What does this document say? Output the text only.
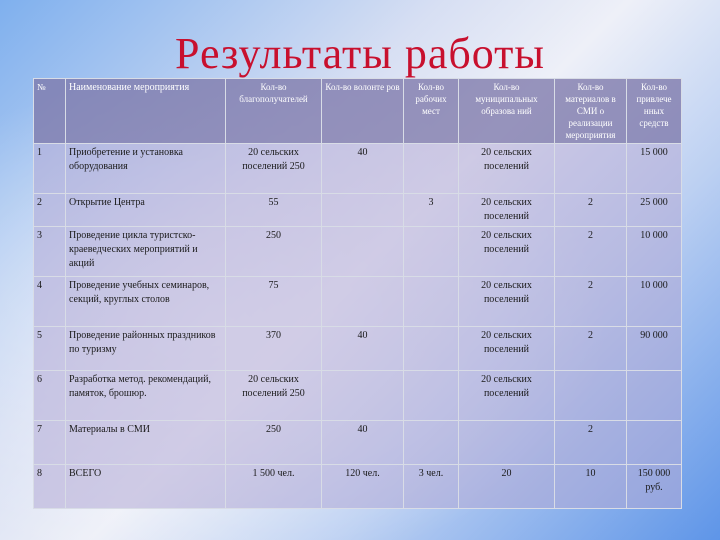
Результаты работы
№	Наименование мероприятия	Кол-во благополучателей	Кол-во волонте ров	Кол-во рабочих мест	Кол-во муниципальных образова ний	Кол-во материалов в СМИ о реализации мероприятия	Кол-во привлече нных средств
1	Приобретение и установка оборудования	20 сельских поселений 250	40		20 сельских поселений		15 000
2	Открытие Центра	55		3	20 сельских поселений	2	25 000
3	Проведение цикла туристско-краеведческих мероприятий и акций	250			20 сельских поселений	2	10 000
4	Проведение учебных семинаров, секций, круглых столов	75			20 сельских поселений	2	10 000
5	Проведение районных праздников по туризму	370	40		20 сельских поселений	2	90 000
6	Разработка метод. рекомендаций, памяток, брошюр.	20 сельских поселений 250			20 сельских поселений		
7	Материалы в СМИ	250	40			2	
8	ВСЕГО	1 500 чел.	120 чел.	3 чел.	20	10	150 000 руб.
